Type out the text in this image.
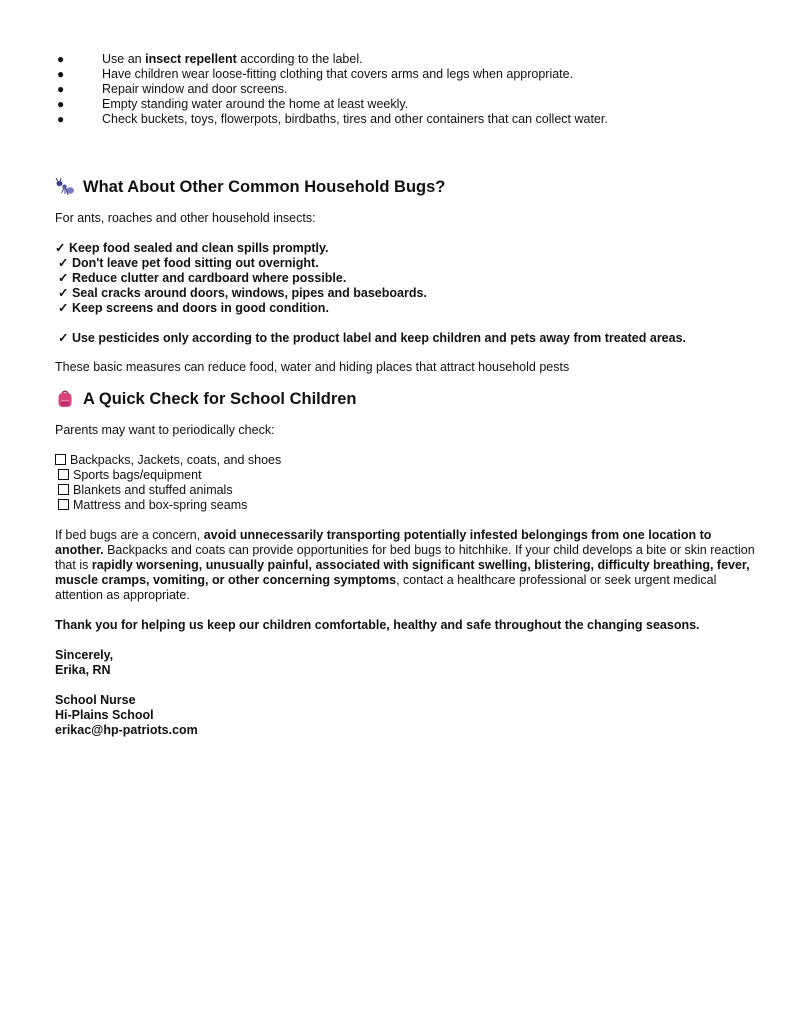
●	Use an insect repellent according to the label.
●	Have children wear loose-fitting clothing that covers arms and legs when appropriate.
●	Repair window and door screens.
●	Empty standing water around the home at least weekly.
●	Check buckets, toys, flowerpots, birdbaths, tires and other containers that can collect water.
What About Other Common Household Bugs?

For ants, roaches and other household insects:

✓ Keep food sealed and clean spills promptly.
✓ Don't leave pet food sitting out overnight.
✓ Reduce clutter and cardboard where possible.
✓ Seal cracks around doors, windows, pipes and baseboards.
✓ Keep screens and doors in good condition.
✓ Use pesticides only according to the product label and keep children and pets away from treated areas.

These basic measures can reduce food, water and hiding places that attract household pests

A Quick Check for School Children

Parents may want to periodically check:

Backpacks, Jackets, coats, and shoes
Sports bags/equipment
Blankets and stuffed animals
Mattress and box-spring seams

If bed bugs are a concern, avoid unnecessarily transporting potentially infested belongings from one location to another. Backpacks and coats can provide opportunities for bed bugs to hitchhike. If your child develops a bite or skin reaction that is rapidly worsening, unusually painful, associated with significant swelling, blistering, difficulty breathing, fever, muscle cramps, vomiting, or other concerning symptoms, contact a healthcare professional or seek urgent medical attention as appropriate.

Thank you for helping us keep our children comfortable, healthy and safe throughout the changing seasons.

Sincerely,
Erika, RN
School Nurse
Hi-Plains School
erikac@hp-patriots.com
